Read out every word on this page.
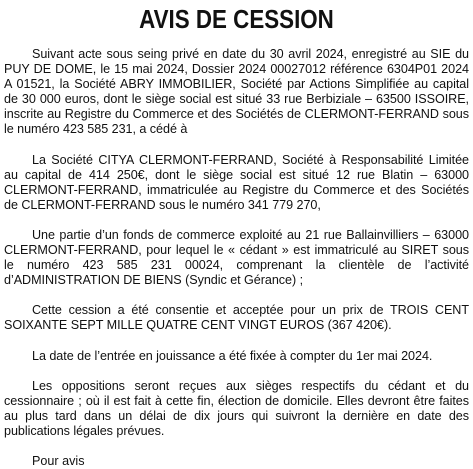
AVIS DE CESSION

Suivant acte sous seing privé en date du 30 avril 2024, enregistré au SIE du PUY DE DOME, le 15 mai 2024, Dossier 2024 00027012 référence 6304P01 2024 A 01521, la Société ABRY IMMOBILIER, Société par Actions Simplifiée au capital de 30 000 euros, dont le siège social est situé 33 rue Berbiziale – 63500 ISSOIRE, inscrite au Registre du Commerce et des Sociétés de CLERMONT-FERRAND sous le numéro 423 585 231, a cédé à

La Société CITYA CLERMONT-FERRAND, Société à Responsabilité Limitée au capital de 414 250€, dont le siège social est situé 12 rue Blatin – 63000 CLERMONT-FERRAND, immatriculée au Registre du Commerce et des Sociétés de CLERMONT-FERRAND sous le numéro 341 779 270,

Une partie d’un fonds de commerce exploité au 21 rue Ballainvilliers – 63000 CLERMONT-FERRAND, pour lequel le « cédant » est immatriculé au SIRET sous le numéro 423 585 231 00024, comprenant la clientèle de l’activité d’ADMINISTRATION DE BIENS (Syndic et Gérance) ;

Cette cession a été consentie et acceptée pour un prix de TROIS CENT SOIXANTE SEPT MILLE QUATRE CENT VINGT EUROS (367 420€).

La date de l’entrée en jouissance a été fixée à compter du 1er mai 2024.

Les oppositions seront reçues aux sièges respectifs du cédant et du cessionnaire ; où il est fait à cette fin, élection de domicile. Elles devront être faites au plus tard dans un délai de dix jours qui suivront la dernière en date des publications légales prévues.

Pour avis
